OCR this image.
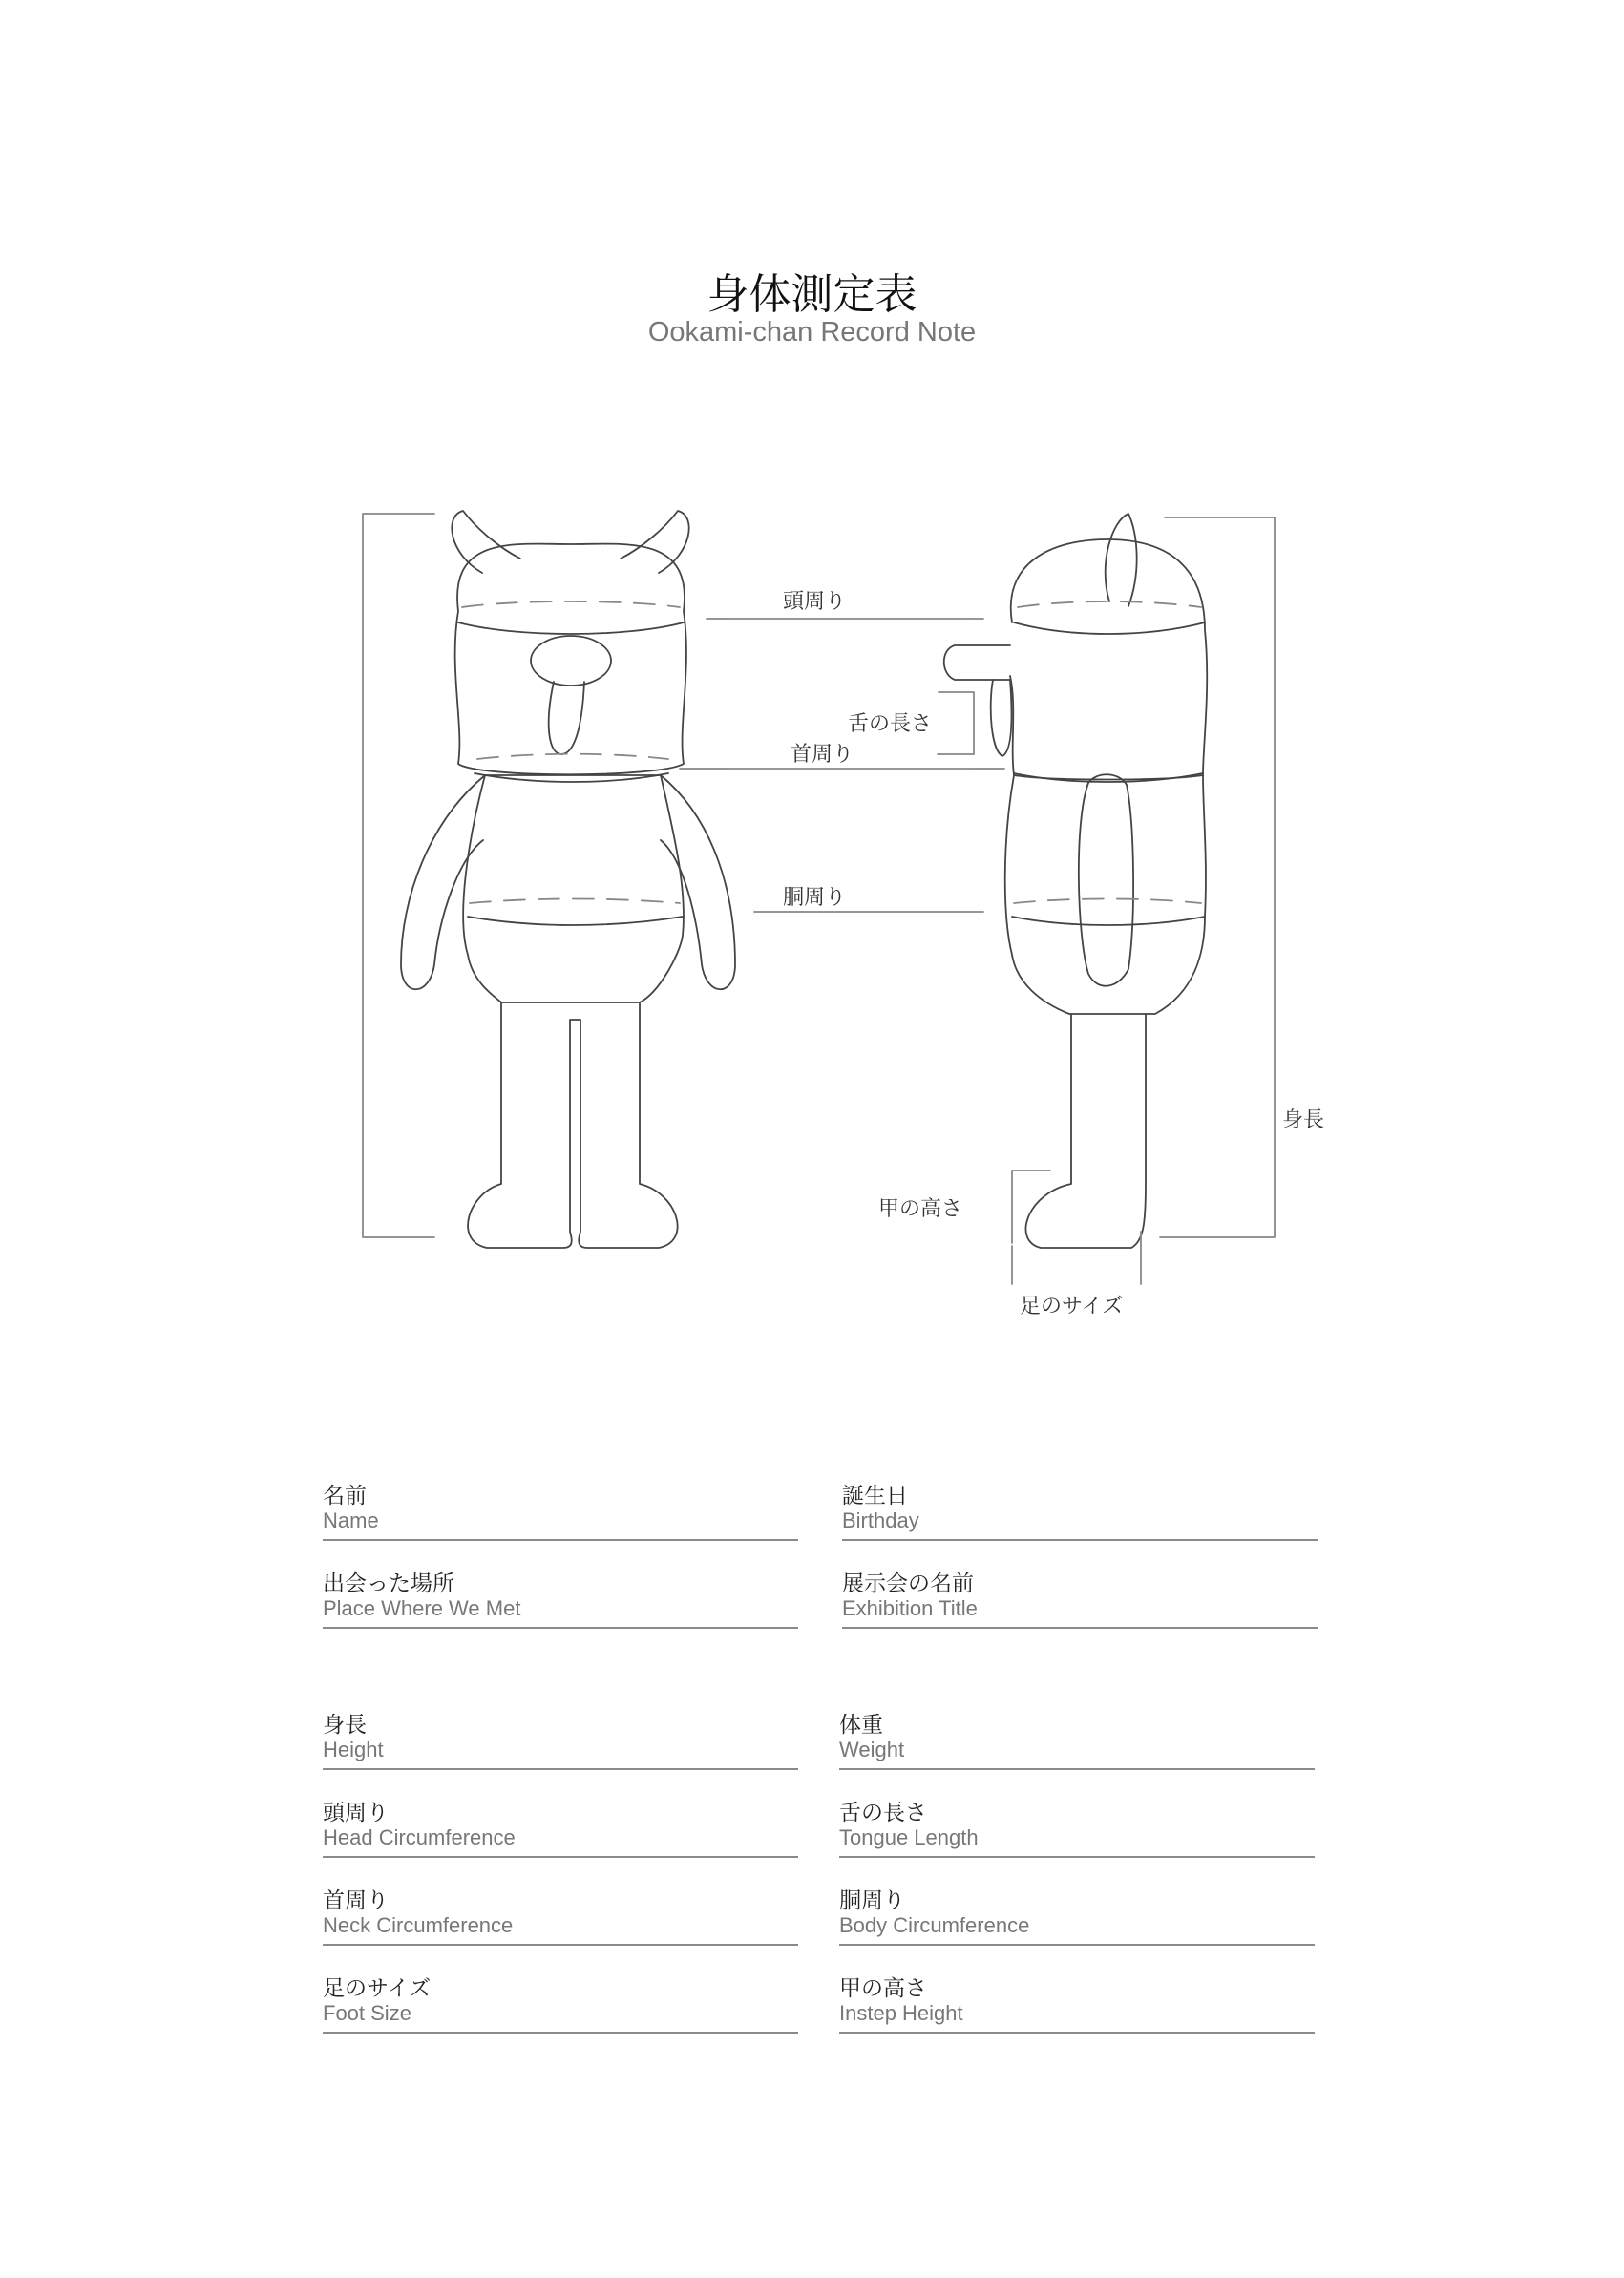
身体測定表
Ookami-chan Record Note
頭周り
舌の長さ
首周り
胴周り
身長
甲の高さ
足のサイズ
名前
Name
誕生日
Birthday
出会った場所
Place Where We Met
展示会の名前
Exhibition Title
身長
Height
体重
Weight
頭周り
Head Circumference
舌の長さ
Tongue Length
首周り
Neck Circumference
胴周り
Body Circumference
足のサイズ
Foot Size
甲の高さ
Instep Height
